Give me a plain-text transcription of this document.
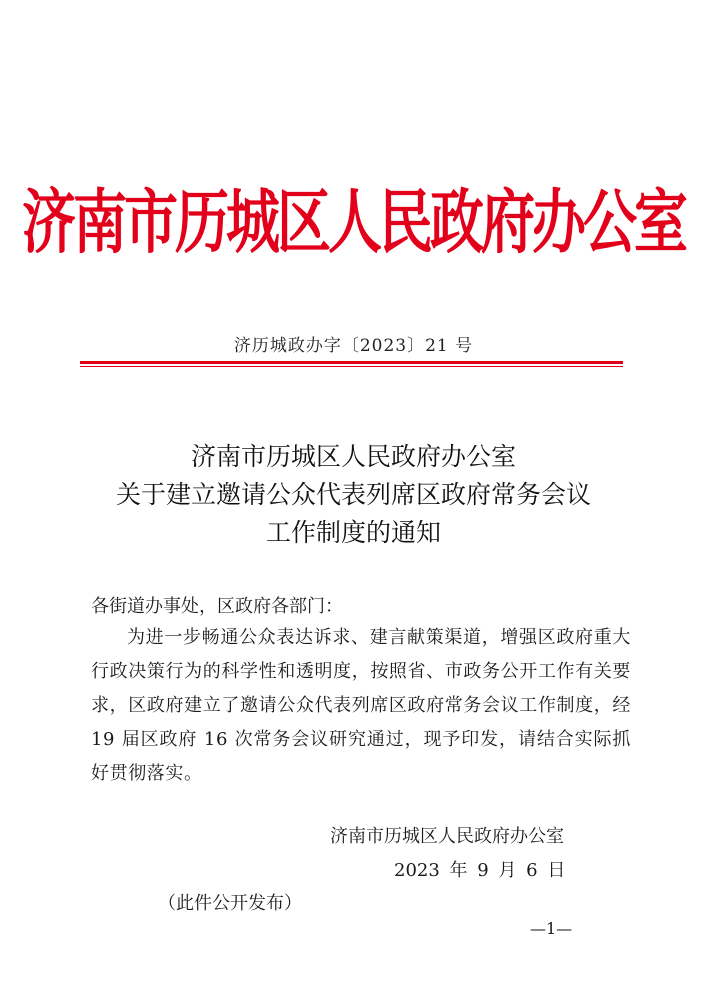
济南市历城区人民政府办公室
济历城政办字〔2023〕21 号
济南市历城区人民政府办公室
关于建立邀请公众代表列席区政府常务会议
工作制度的通知
各街道办事处，区政府各部门：
为进一步畅通公众表达诉求、建言献策渠道，增强区政府重大行政决策行为的科学性和透明度，按照省、市政务公开工作有关要求，区政府建立了邀请公众代表列席区政府常务会议工作制度，经 19 届区政府 16 次常务会议研究通过，现予印发，请结合实际抓好贯彻落实。
济南市历城区人民政府办公室
2023 年 9 月 6 日
（此件公开发布）
—1—
